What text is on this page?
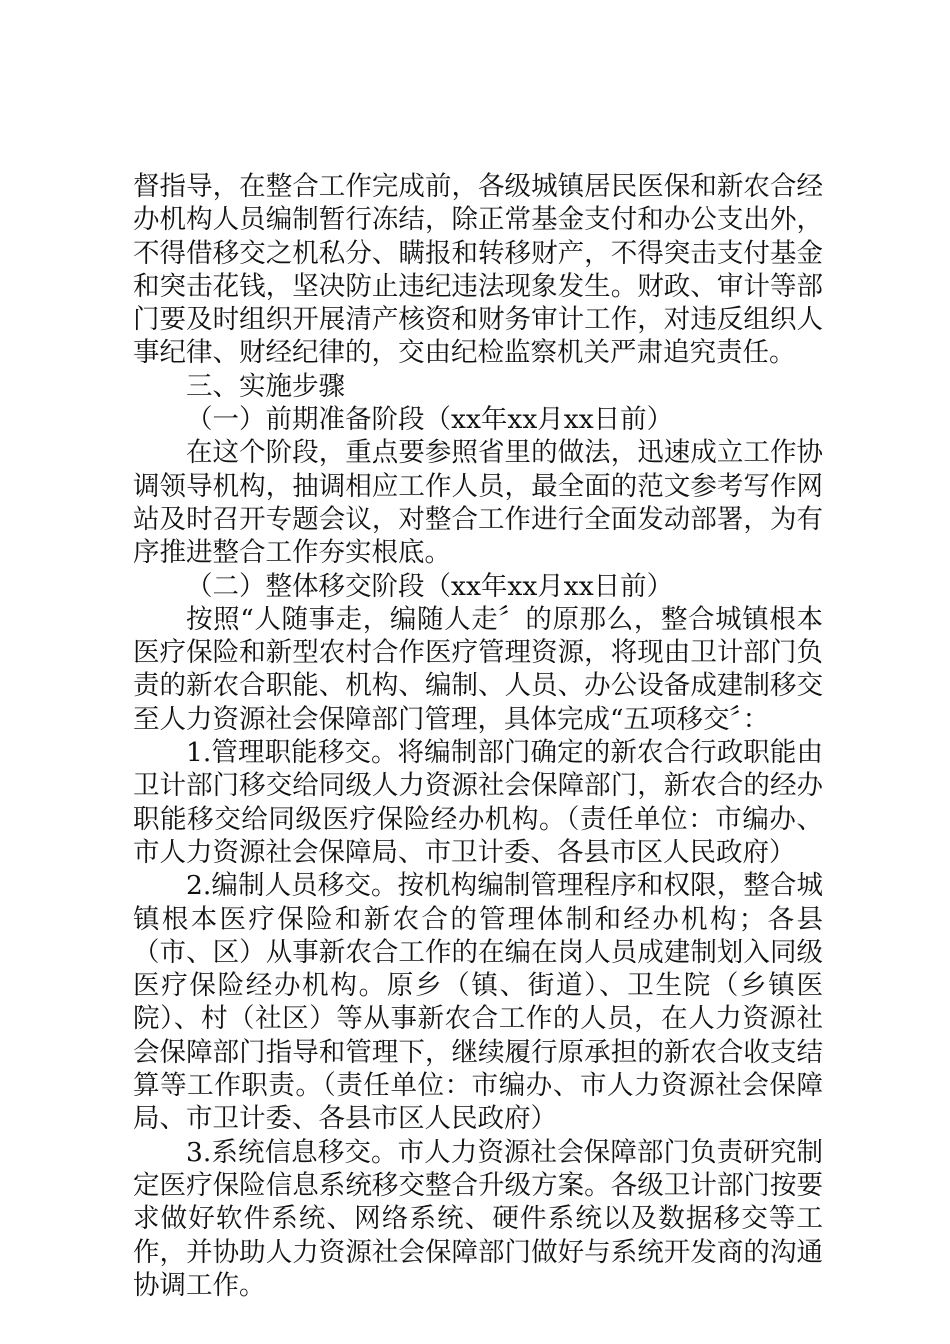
督指导，在整合工作完成前，各级城镇居民医保和新农合经办机构人员编制暂行冻结，除正常基金支付和办公支出外，不得借移交之机私分、瞒报和转移财产，不得突击支付基金和突击花钱，坚决防止违纪违法现象发生。财政、审计等部门要及时组织开展清产核资和财务审计工作，对违反组织人事纪律、财经纪律的，交由纪检监察机关严肃追究责任。

三、实施步骤

（一）前期准备阶段（xx年xx月xx日前）

在这个阶段，重点要参照省里的做法，迅速成立工作协调领导机构，抽调相应工作人员，最全面的范文参考写作网站及时召开专题会议，对整合工作进行全面发动部署，为有序推进整合工作夯实根底。

（二）整体移交阶段（xx年xx月xx日前）

按照“人随事走，编随人走〞的原那么，整合城镇根本医疗保险和新型农村合作医疗管理资源，将现由卫计部门负责的新农合职能、机构、编制、人员、办公设备成建制移交至人力资源社会保障部门管理，具体完成“五项移交〞：

1.管理职能移交。将编制部门确定的新农合行政职能由卫计部门移交给同级人力资源社会保障部门，新农合的经办职能移交给同级医疗保险经办机构。（责任单位：市编办、市人力资源社会保障局、市卫计委、各县市区人民政府）

2.编制人员移交。按机构编制管理程序和权限，整合城镇根本医疗保险和新农合的管理体制和经办机构；各县（市、区）从事新农合工作的在编在岗人员成建制划入同级医疗保险经办机构。原乡（镇、街道）、卫生院（乡镇医院）、村（社区）等从事新农合工作的人员，在人力资源社会保障部门指导和管理下，继续履行原承担的新农合收支结算等工作职责。（责任单位：市编办、市人力资源社会保障局、市卫计委、各县市区人民政府）

3.系统信息移交。市人力资源社会保障部门负责研究制定医疗保险信息系统移交整合升级方案。各级卫计部门按要求做好软件系统、网络系统、硬件系统以及数据移交等工作，并协助人力资源社会保障部门做好与系统开发商的沟通协调工作。
